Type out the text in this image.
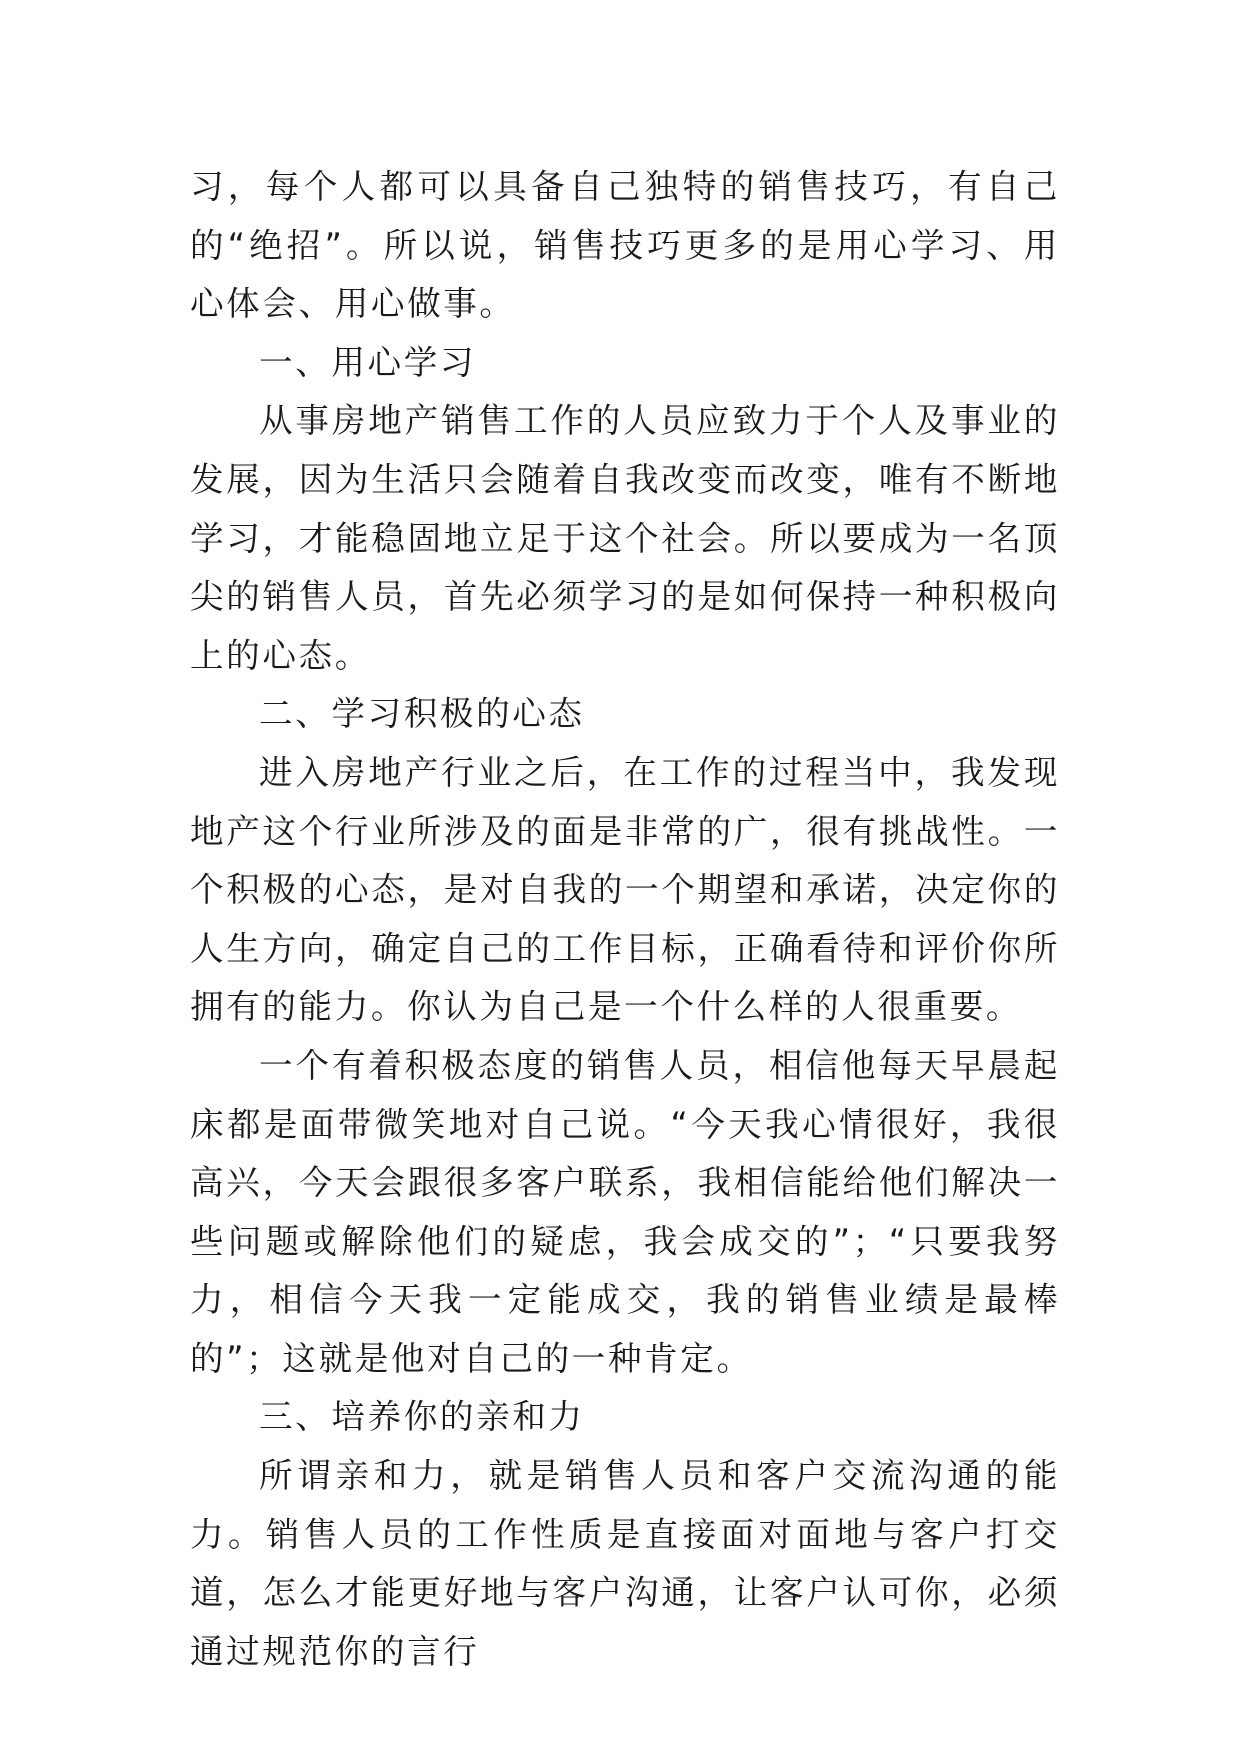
习，每个人都可以具备自己独特的销售技巧，有自己的“绝招”。所以说，销售技巧更多的是用心学习、用心体会、用心做事。

一、用心学习

从事房地产销售工作的人员应致力于个人及事业的发展，因为生活只会随着自我改变而改变，唯有不断地学习，才能稳固地立足于这个社会。所以要成为一名顶尖的销售人员，首先必须学习的是如何保持一种积极向上的心态。

二、学习积极的心态

进入房地产行业之后，在工作的过程当中，我发现地产这个行业所涉及的面是非常的广，很有挑战性。一个积极的心态，是对自我的一个期望和承诺，决定你的人生方向，确定自己的工作目标，正确看待和评价你所拥有的能力。你认为自己是一个什么样的人很重要。

一个有着积极态度的销售人员，相信他每天早晨起床都是面带微笑地对自己说。“今天我心情很好，我很高兴，今天会跟很多客户联系，我相信能给他们解决一些问题或解除他们的疑虑，我会成交的”；“只要我努力，相信今天我一定能成交，我的销售业绩是最棒的”；这就是他对自己的一种肯定。

三、培养你的亲和力

所谓亲和力，就是销售人员和客户交流沟通的能力。销售人员的工作性质是直接面对面地与客户打交道，怎么才能更好地与客户沟通，让客户认可你，必须通过规范你的言行
